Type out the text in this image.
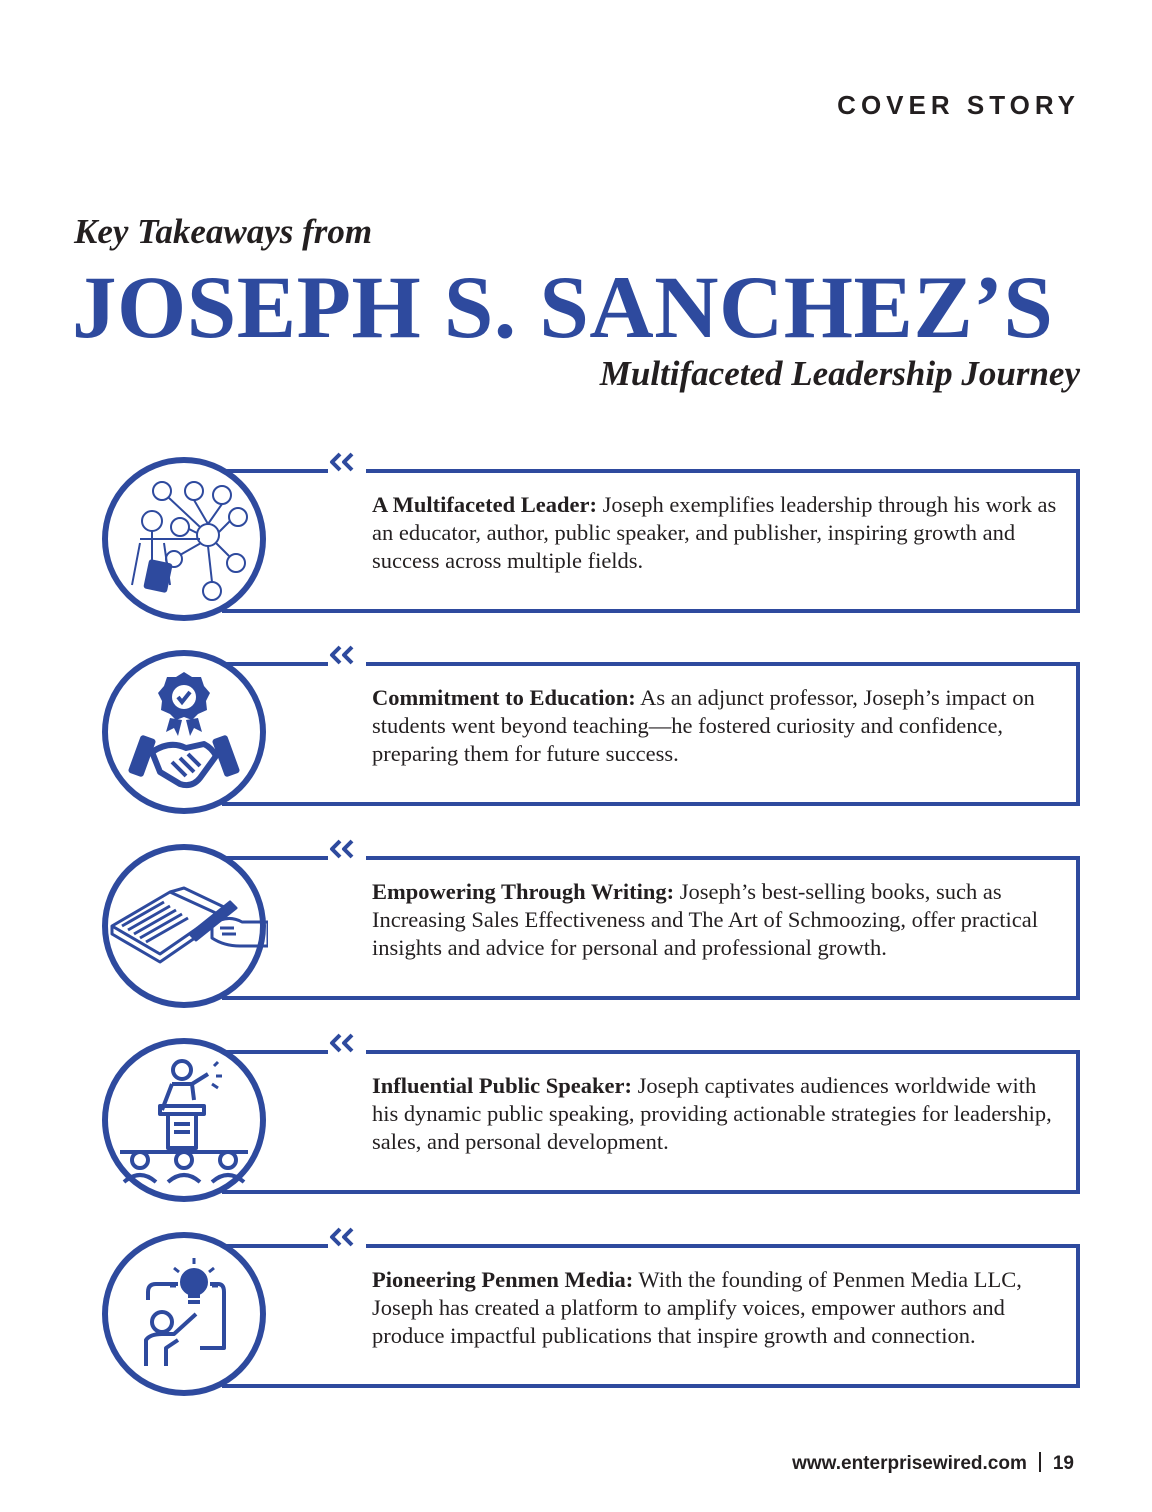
COVER STORY
Key Takeaways from
JOSEPH S. SANCHEZ’S
Multifaceted Leadership Journey

A Multifaceted Leader: Joseph exemplifies leadership through his work as an educator, author, public speaker, and publisher, inspiring growth and success across multiple fields.

Commitment to Education: As an adjunct professor, Joseph’s impact on students went beyond teaching—he fostered curiosity and confidence, preparing them for future success.

Empowering Through Writing: Joseph’s best-selling books, such as Increasing Sales Effectiveness and The Art of Schmoozing, offer practical insights and advice for personal and professional growth.

Influential Public Speaker: Joseph captivates audiences worldwide with his dynamic public speaking, providing actionable strategies for leadership, sales, and personal development.

Pioneering Penmen Media: With the founding of Penmen Media LLC, Joseph has created a platform to amplify voices, empower authors and produce impactful publications that inspire growth and connection.

www.enterprisewired.com 19
